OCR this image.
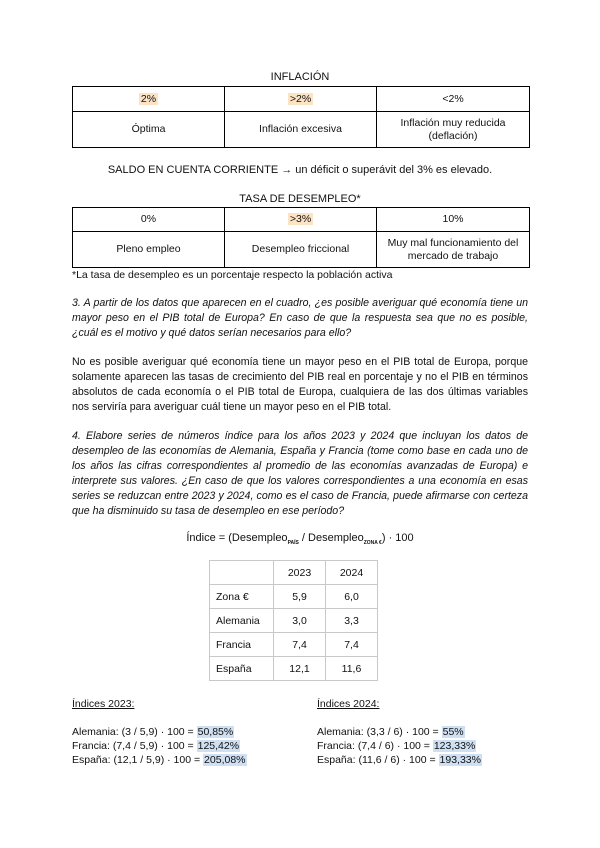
INFLACIÓN
2%	>2%	<2%
Óptima	Inflación excesiva	Inflación muy reducida (deflación)
SALDO EN CUENTA CORRIENTE → un déficit o superávit del 3% es elevado.
TASA DE DESEMPLEO*
0%	>3%	10%
Pleno empleo	Desempleo friccional	Muy mal funcionamiento del mercado de trabajo
*La tasa de desempleo es un porcentaje respecto la población activa
3. A partir de los datos que aparecen en el cuadro, ¿es posible averiguar qué economía tiene un mayor peso en el PIB total de Europa? En caso de que la respuesta sea que no es posible, ¿cuál es el motivo y qué datos serían necesarios para ello?
No es posible averiguar qué economía tiene un mayor peso en el PIB total de Europa, porque solamente aparecen las tasas de crecimiento del PIB real en porcentaje y no el PIB en términos absolutos de cada economía o el PIB total de Europa, cualquiera de las dos últimas variables nos serviría para averiguar cuál tiene un mayor peso en el PIB total.
4. Elabore series de números índice para los años 2023 y 2024 que incluyan los datos de desempleo de las economías de Alemania, España y Francia (tome como base en cada uno de los años las cifras correspondientes al promedio de las economías avanzadas de Europa) e interprete sus valores. ¿En caso de que los valores correspondientes a una economía en esas series se reduzcan entre 2023 y 2024, como es el caso de Francia, puede afirmarse con certeza que ha disminuido su tasa de desempleo en ese período?
Índice = (Desempleo$_{PAÍS}$ / Desempleo$_{ZONA €}$) · 100
	2023	2024
Zona €	5,9	6,0
Alemania	3,0	3,3
Francia	7,4	7,4
España	12,1	11,6
Índices 2023:
Alemania: (3 / 5,9) · 100 = 50,85%
Francia: (7,4 / 5,9) · 100 = 125,42%
España: (12,1 / 5,9) · 100 = 205,08%
Índices 2024:
Alemania: (3,3 / 6) · 100 = 55%
Francia: (7,4 / 6) · 100 = 123,33%
España: (11,6 / 6) · 100 = 193,33%
